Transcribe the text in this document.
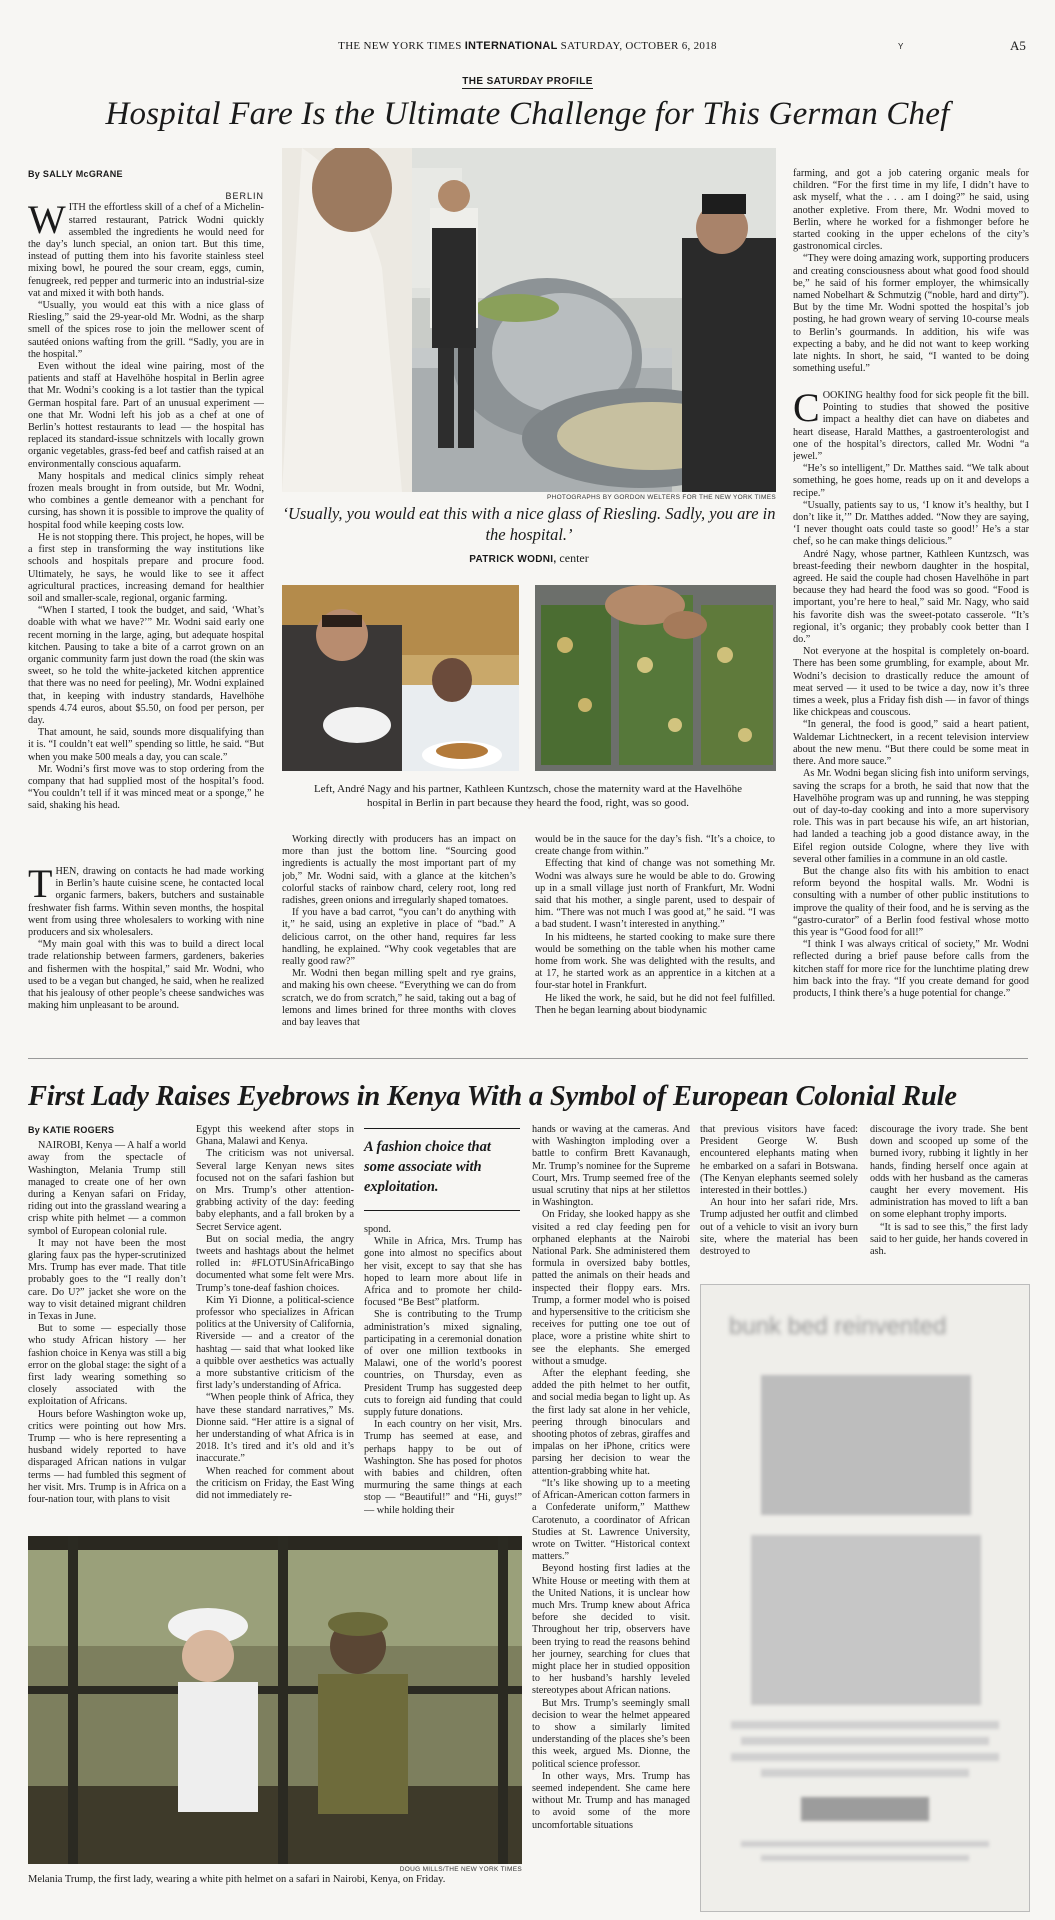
THE NEW YORK TIMES INTERNATIONAL SATURDAY, OCTOBER 6, 2018	Y	A5
THE SATURDAY PROFILE
Hospital Fare Is the Ultimate Challenge for This German Chef
By SALLY McGRANE
BERLIN

WITH the effortless skill of a chef of a Michelin-starred restaurant, Patrick Wodni quickly assembled the ingredients he would need for the day’s lunch special, an onion tart. But this time, instead of putting them into his favorite stainless steel mixing bowl, he poured the sour cream, eggs, cumin, fenugreek, red pepper and turmeric into an industrial-size vat and mixed it with both hands.

“Usually, you would eat this with a nice glass of Riesling,” said the 29-year-old Mr. Wodni, as the sharp smell of the spices rose to join the mellower scent of sautéed onions wafting from the grill. “Sadly, you are in the hospital.”

Even without the ideal wine pairing, most of the patients and staff at Havelhöhe hospital in Berlin agree that Mr. Wodni’s cooking is a lot tastier than the typical German hospital fare. Part of an unusual experiment — one that Mr. Wodni left his job as a chef at one of Berlin’s hottest restaurants to lead — the hospital has replaced its standard-issue schnitzels with locally grown organic vegetables, grass-fed beef and catfish raised at an environmentally conscious aquafarm.

Many hospitals and medical clinics simply reheat frozen meals brought in from outside, but Mr. Wodni, who combines a gentle demeanor with a penchant for cursing, has shown it is possible to improve the quality of hospital food while keeping costs low.

He is not stopping there. This project, he hopes, will be a first step in transforming the way institutions like schools and hospitals prepare and procure food. Ultimately, he says, he would like to see it affect agricultural practices, increasing demand for healthier soil and smaller-scale, regional, organic farming.

“When I started, I took the budget, and said, ‘What’s doable with what we have?’” Mr. Wodni said early one recent morning in the large, aging, but adequate hospital kitchen. Pausing to take a bite of a carrot grown on an organic community farm just down the road (the skin was sweet, so he told the white-jacketed kitchen apprentice that there was no need for peeling), Mr. Wodni explained that, in keeping with industry standards, Havelhöhe spends 4.74 euros, about $5.50, on food per person, per day.

That amount, he said, sounds more disqualifying than it is. “I couldn’t eat well” spending so little, he said. “But when you make 500 meals a day, you can scale.”

Mr. Wodni’s first move was to stop ordering from the company that had supplied most of the hospital’s food. “You couldn’t tell if it was minced meat or a sponge,” he said, shaking his head.

THEN, drawing on contacts he had made working in Berlin’s haute cuisine scene, he contacted local organic farmers, bakers, butchers and sustainable freshwater fish farms. Within seven months, the hospital went from using three wholesalers to working with nine producers and six wholesalers.

“My main goal with this was to build a direct local trade relationship between farmers, gardeners, bakeries and fishermen with the hospital,” said Mr. Wodni, who used to be a vegan but changed, he said, when he realized that his jealousy of other people’s cheese sandwiches was making him unpleasant to be around.

PHOTOGRAPHS BY GORDON WELTERS FOR THE NEW YORK TIMES
‘Usually, you would eat this with a nice glass of Riesling. Sadly, you are in the hospital.’
PATRICK WODNI, center
Left, André Nagy and his partner, Kathleen Kuntzsch, chose the maternity ward at the Havelhöhe hospital in Berlin in part because they heard the food, right, was so good.

Working directly with producers has an impact on more than just the bottom line. “Sourcing good ingredients is actually the most important part of my job,” Mr. Wodni said, with a glance at the kitchen’s colorful stacks of rainbow chard, celery root, long red radishes, green onions and irregularly shaped tomatoes.

If you have a bad carrot, “you can’t do anything with it,” he said, using an expletive in place of “bad.” A delicious carrot, on the other hand, requires far less handling, he explained. “Why cook vegetables that are really good raw?”

Mr. Wodni then began milling spelt and rye grains, and making his own cheese. “Everything we can do from scratch, we do from scratch,” he said, taking out a bag of lemons and limes brined for three months with cloves and bay leaves that

would be in the sauce for the day’s fish. “It’s a choice, to create change from within.”

Effecting that kind of change was not something Mr. Wodni was always sure he would be able to do. Growing up in a small village just north of Frankfurt, Mr. Wodni said that his mother, a single parent, used to despair of him. “There was not much I was good at,” he said. “I was a bad student. I wasn’t interested in anything.”

In his midteens, he started cooking to make sure there would be something on the table when his mother came home from work. She was delighted with the results, and at 17, he started work as an apprentice in a kitchen at a four-star hotel in Frankfurt.

He liked the work, he said, but he did not feel fulfilled. Then he began learning about biodynamic

farming, and got a job catering organic meals for children. “For the first time in my life, I didn’t have to ask myself, what the . . . am I doing?” he said, using another expletive. From there, Mr. Wodni moved to Berlin, where he worked for a fishmonger before he started cooking in the upper echelons of the city’s gastronomical circles.

“They were doing amazing work, supporting producers and creating consciousness about what good food should be,” he said of his former employer, the whimsically named Nobelhart & Schmutzig (“noble, hard and dirty”). But by the time Mr. Wodni spotted the hospital’s job posting, he had grown weary of serving 10-course meals to Berlin’s gourmands. In addition, his wife was expecting a baby, and he did not want to keep working late nights. In short, he said, “I wanted to be doing something useful.”

COOKING healthy food for sick people fit the bill. Pointing to studies that showed the positive impact a healthy diet can have on diabetes and heart disease, Harald Matthes, a gastroenterologist and one of the hospital’s directors, called Mr. Wodni “a jewel.”

“He’s so intelligent,” Dr. Matthes said. “We talk about something, he goes home, reads up on it and develops a recipe.”

“Usually, patients say to us, ‘I know it’s healthy, but I don’t like it,’” Dr. Matthes added. “Now they are saying, ‘I never thought oats could taste so good!’ He’s a star chef, so he can make things delicious.”

André Nagy, whose partner, Kathleen Kuntzsch, was breast-feeding their newborn daughter in the hospital, agreed. He said the couple had chosen Havelhöhe in part because they had heard the food was so good. “Food is important, you’re here to heal,” said Mr. Nagy, who said his favorite dish was the sweet-potato casserole. “It’s regional, it’s organic; they probably cook better than I do.”

Not everyone at the hospital is completely on-board. There has been some grumbling, for example, about Mr. Wodni’s decision to drastically reduce the amount of meat served — it used to be twice a day, now it’s three times a week, plus a Friday fish dish — in favor of things like chickpeas and couscous.

“In general, the food is good,” said a heart patient, Waldemar Lichtneckert, in a recent television interview about the new menu. “But there could be some meat in there. And more sauce.”

As Mr. Wodni began slicing fish into uniform servings, saving the scraps for a broth, he said that now that the Havelhöhe program was up and running, he was stepping out of day-to-day cooking and into a more supervisory role. This was in part because his wife, an art historian, had landed a teaching job a good distance away, in the Eifel region outside Cologne, where they live with several other families in a commune in an old castle.

But the change also fits with his ambition to enact reform beyond the hospital walls. Mr. Wodni is consulting with a number of other public institutions to improve the quality of their food, and he is serving as the “gastro-curator” of a Berlin food festival whose motto this year is “Good food for all!”

“I think I was always critical of society,” Mr. Wodni reflected during a brief pause before calls from the kitchen staff for more rice for the lunchtime plating drew him back into the fray. “If you create demand for good products, I think there’s a huge potential for change.”

First Lady Raises Eyebrows in Kenya With a Symbol of European Colonial Rule
By KATIE ROGERS

NAIROBI, Kenya — A half a world away from the spectacle of Washington, Melania Trump still managed to create one of her own during a Kenyan safari on Friday, riding out into the grassland wearing a crisp white pith helmet — a common symbol of European colonial rule.

It may not have been the most glaring faux pas the hyper-scrutinized Mrs. Trump has ever made. That title probably goes to the “I really don’t care. Do U?” jacket she wore on the way to visit detained migrant children in Texas in June.

But to some — especially those who study African history — her fashion choice in Kenya was still a big error on the global stage: the sight of a first lady wearing something so closely associated with the exploitation of Africans.

Hours before Washington woke up, critics were pointing out how Mrs. Trump — who is here representing a husband widely reported to have disparaged African nations in vulgar terms — had fumbled this segment of her visit. Mrs. Trump is in Africa on a four-nation tour, with plans to visit

Egypt this weekend after stops in Ghana, Malawi and Kenya.

The criticism was not universal. Several large Kenyan news sites focused not on the safari fashion but on Mrs. Trump’s other attention-grabbing activity of the day: feeding baby elephants, and a fall broken by a Secret Service agent.

But on social media, the angry tweets and hashtags about the helmet rolled in: #FLOTUSinAfricaBingo documented what some felt were Mrs. Trump’s tone-deaf fashion choices.

Kim Yi Dionne, a political-science professor who specializes in African politics at the University of California, Riverside — and a creator of the hashtag — said that what looked like a quibble over aesthetics was actually a more substantive criticism of the first lady’s understanding of Africa.

“When people think of Africa, they have these standard narratives,” Ms. Dionne said. “Her attire is a signal of her understanding of what Africa is in 2018. It’s tired and it’s old and it’s inaccurate.”

When reached for comment about the criticism on Friday, the East Wing did not immediately re-

A fashion choice that some associate with exploitation.

spond.

While in Africa, Mrs. Trump has gone into almost no specifics about her visit, except to say that she has hoped to learn more about life in Africa and to promote her child-focused “Be Best” platform.

She is contributing to the Trump administration’s mixed signaling, participating in a ceremonial donation of over one million textbooks in Malawi, one of the world’s poorest countries, on Thursday, even as President Trump has suggested deep cuts to foreign aid funding that could supply future donations.

In each country on her visit, Mrs. Trump has seemed at ease, and perhaps happy to be out of Washington. She has posed for photos with babies and children, often murmuring the same things at each stop — “Beautiful!” and “Hi, guys!” — while holding their

hands or waving at the cameras. And with Washington imploding over a battle to confirm Brett Kavanaugh, Mr. Trump’s nominee for the Supreme Court, Mrs. Trump seemed free of the usual scrutiny that nips at her stilettos in Washington.

On Friday, she looked happy as she visited a red clay feeding pen for orphaned elephants at the Nairobi National Park. She administered them formula in oversized baby bottles, patted the animals on their heads and inspected their floppy ears. Mrs. Trump, a former model who is poised and hypersensitive to the criticism she receives for putting one toe out of place, wore a pristine white shirt to see the elephants. She emerged without a smudge.

After the elephant feeding, she added the pith helmet to her outfit, and social media began to light up. As the first lady sat alone in her vehicle, peering through binoculars and shooting photos of zebras, giraffes and impalas on her iPhone, critics were parsing her decision to wear the attention-grabbing white hat.

“It’s like showing up to a meeting of African-American cotton farmers in a Confederate uniform,” Matthew Carotenuto, a coordinator of African Studies at St. Lawrence University, wrote on Twitter. “Historical context matters.”

Beyond hosting first ladies at the White House or meeting with them at the United Nations, it is unclear how much Mrs. Trump knew about Africa before she decided to visit. Throughout her trip, observers have been trying to read the reasons behind her journey, searching for clues that might place her in studied opposition to her husband’s harshly leveled stereotypes about African nations.

But Mrs. Trump’s seemingly small decision to wear the helmet appeared to show a similarly limited understanding of the places she’s been this week, argued Ms. Dionne, the political science professor.

In other ways, Mrs. Trump has seemed independent. She came here without Mr. Trump and has managed to avoid some of the more uncomfortable situations

that previous visitors have faced: President George W. Bush encountered elephants mating when he embarked on a safari in Botswana. (The Kenyan elephants seemed solely interested in their bottles.)

An hour into her safari ride, Mrs. Trump adjusted her outfit and climbed out of a vehicle to visit an ivory burn site, where the material has been destroyed to

discourage the ivory trade. She bent down and scooped up some of the burned ivory, rubbing it lightly in her hands, finding herself once again at odds with her husband as the cameras caught her every movement. His administration has moved to lift a ban on some elephant trophy imports.

“It is sad to see this,” the first lady said to her guide, her hands covered in ash.

DOUG MILLS/THE NEW YORK TIMES
Melania Trump, the first lady, wearing a white pith helmet on a safari in Nairobi, Kenya, on Friday.
bunk bed reinvented
